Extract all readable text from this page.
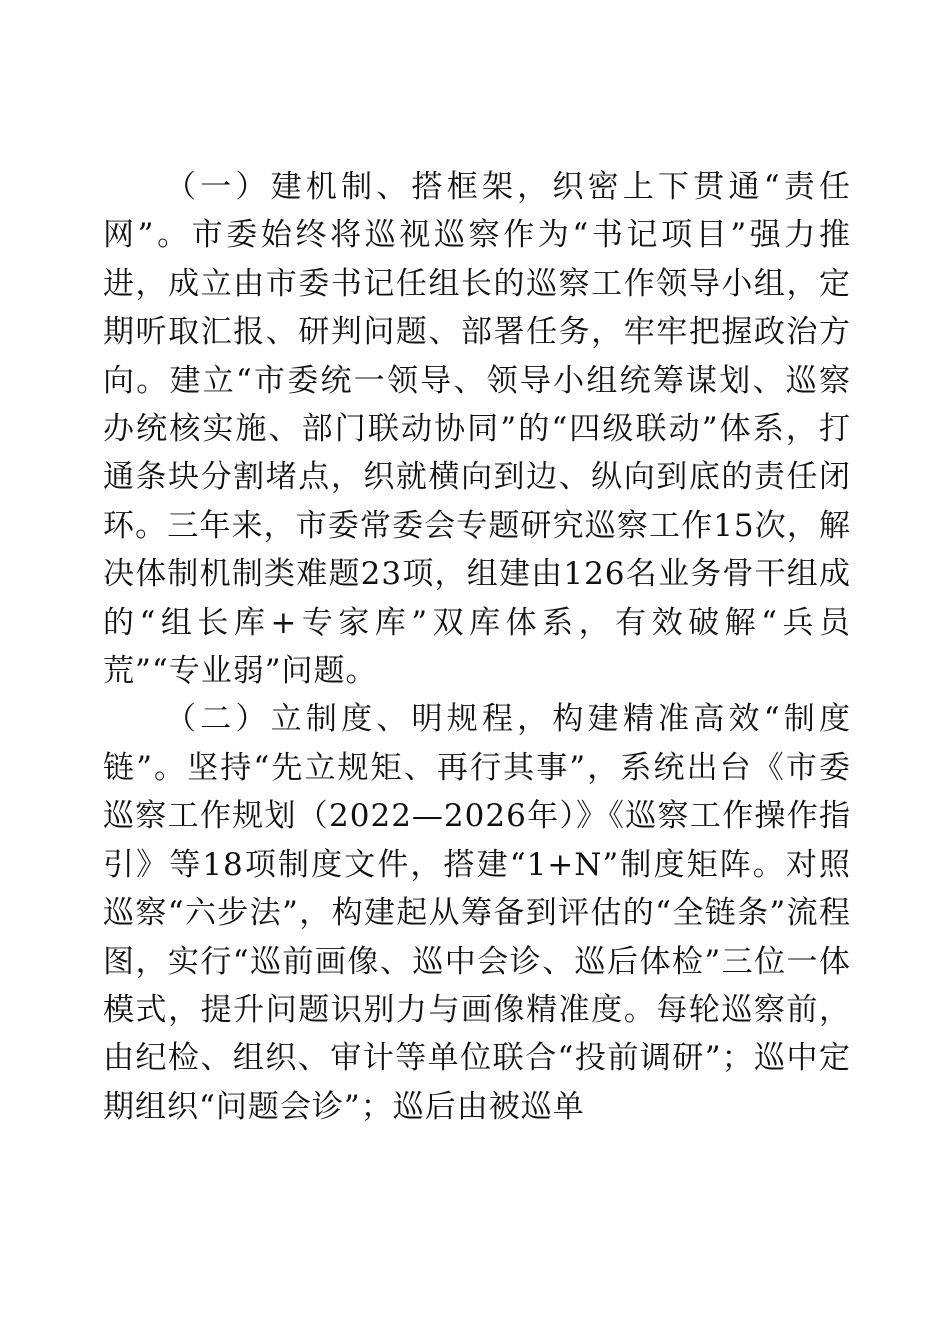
（一）建机制、搭框架，织密上下贯通“责任网”。市委始终将巡视巡察作为“书记项目”强力推进，成立由市委书记任组长的巡察工作领导小组，定期听取汇报、研判问题、部署任务，牢牢把握政治方向。建立“市委统一领导、领导小组统筹谋划、巡察办统核实施、部门联动协同”的“四级联动”体系，打通条块分割堵点，织就横向到边、纵向到底的责任闭环。三年来，市委常委会专题研究巡察工作15次，解决体制机制类难题23项，组建由126名业务骨干组成的“组长库+专家库”双库体系，有效破解“兵员荒”“专业弱”问题。

（二）立制度、明规程，构建精准高效“制度链”。坚持“先立规矩、再行其事”，系统出台《市委巡察工作规划（2022—2026年）》《巡察工作操作指引》等18项制度文件，搭建“1+N”制度矩阵。对照巡察“六步法”，构建起从筹备到评估的“全链条”流程图，实行“巡前画像、巡中会诊、巡后体检”三位一体模式，提升问题识别力与画像精准度。每轮巡察前，由纪检、组织、审计等单位联合“投前调研”；巡中定期组织“问题会诊”；巡后由被巡单
